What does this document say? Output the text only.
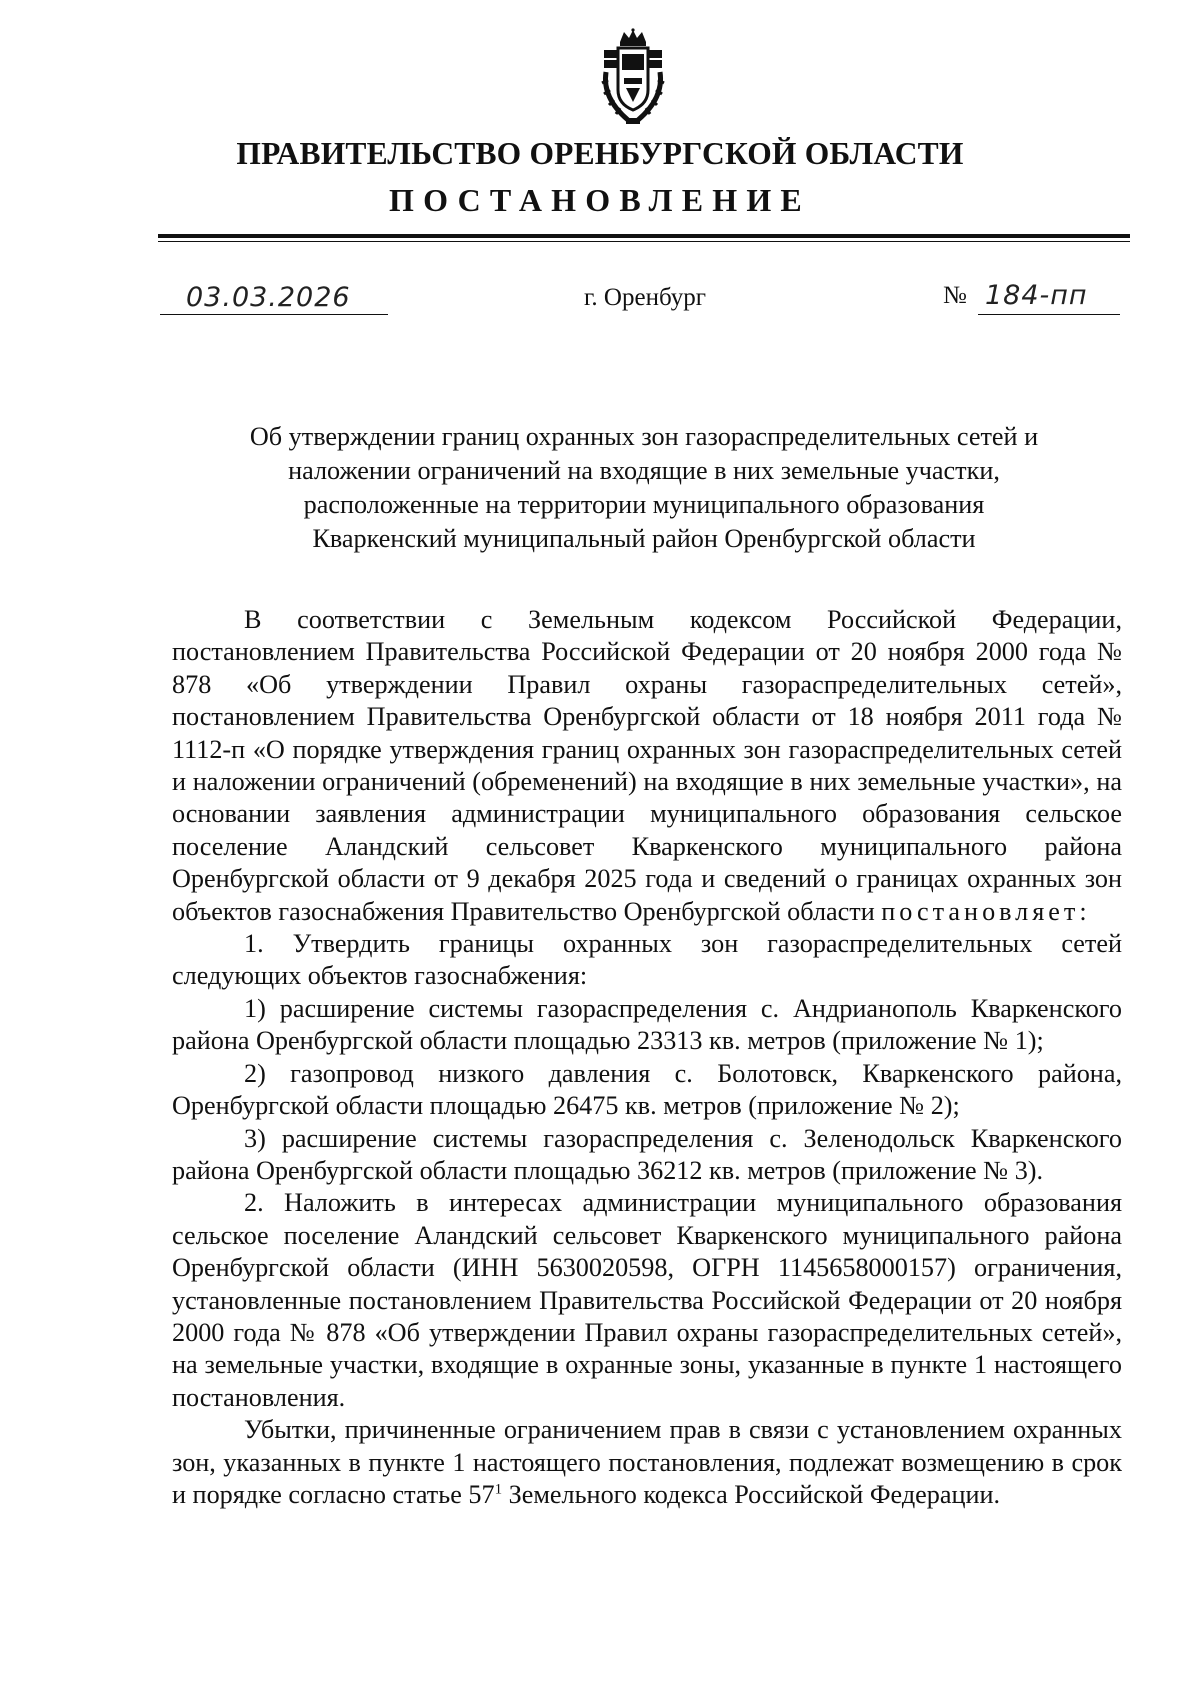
ПРАВИТЕЛЬСТВО ОРЕНБУРГСКОЙ ОБЛАСТИ
ПОСТАНОВЛЕНИЕ
03.03.2026	г. Оренбург	№ 184-пп
Об утверждении границ охранных зон газораспределительных сетей и
наложении ограничений на входящие в них земельные участки,
расположенные на территории муниципального образования
Кваркенский муниципальный район Оренбургской области

В соответствии с Земельным кодексом Российской Федерации, постановлением Правительства Российской Федерации от 20 ноября 2000 года № 878 «Об утверждении Правил охраны газораспределительных сетей», постановлением Правительства Оренбургской области от 18 ноября 2011 года № 1112-п «О порядке утверждения границ охранных зон газораспределительных сетей и наложении ограничений (обременений) на входящие в них земельные участки», на основании заявления администрации муниципального образования сельское поселение Аландский сельсовет Кваркенского муниципального района Оренбургской области от 9 декабря 2025 года и сведений о границах охранных зон объектов газоснабжения Правительство Оренбургской области постановляет:

1. Утвердить границы охранных зон газораспределительных сетей следующих объектов газоснабжения:

1) расширение системы газораспределения с. Андрианополь Кваркенского района Оренбургской области площадью 23313 кв. метров (приложение № 1);

2) газопровод низкого давления с. Болотовск, Кваркенского района, Оренбургской области площадью 26475 кв. метров (приложение № 2);

3) расширение системы газораспределения с. Зеленодольск Кваркенского района Оренбургской области площадью 36212 кв. метров (приложение № 3).

2. Наложить в интересах администрации муниципального образования сельское поселение Аландский сельсовет Кваркенского муниципального района Оренбургской области (ИНН 5630020598, ОГРН 1145658000157) ограничения, установленные постановлением Правительства Российской Федерации от 20 ноября 2000 года № 878 «Об утверждении Правил охраны газораспределительных сетей», на земельные участки, входящие в охранные зоны, указанные в пункте 1 настоящего постановления.

Убытки, причиненные ограничением прав в связи с установлением охранных зон, указанных в пункте 1 настоящего постановления, подлежат возмещению в срок и порядке согласно статье $57^1$ Земельного кодекса Российской Федерации.
